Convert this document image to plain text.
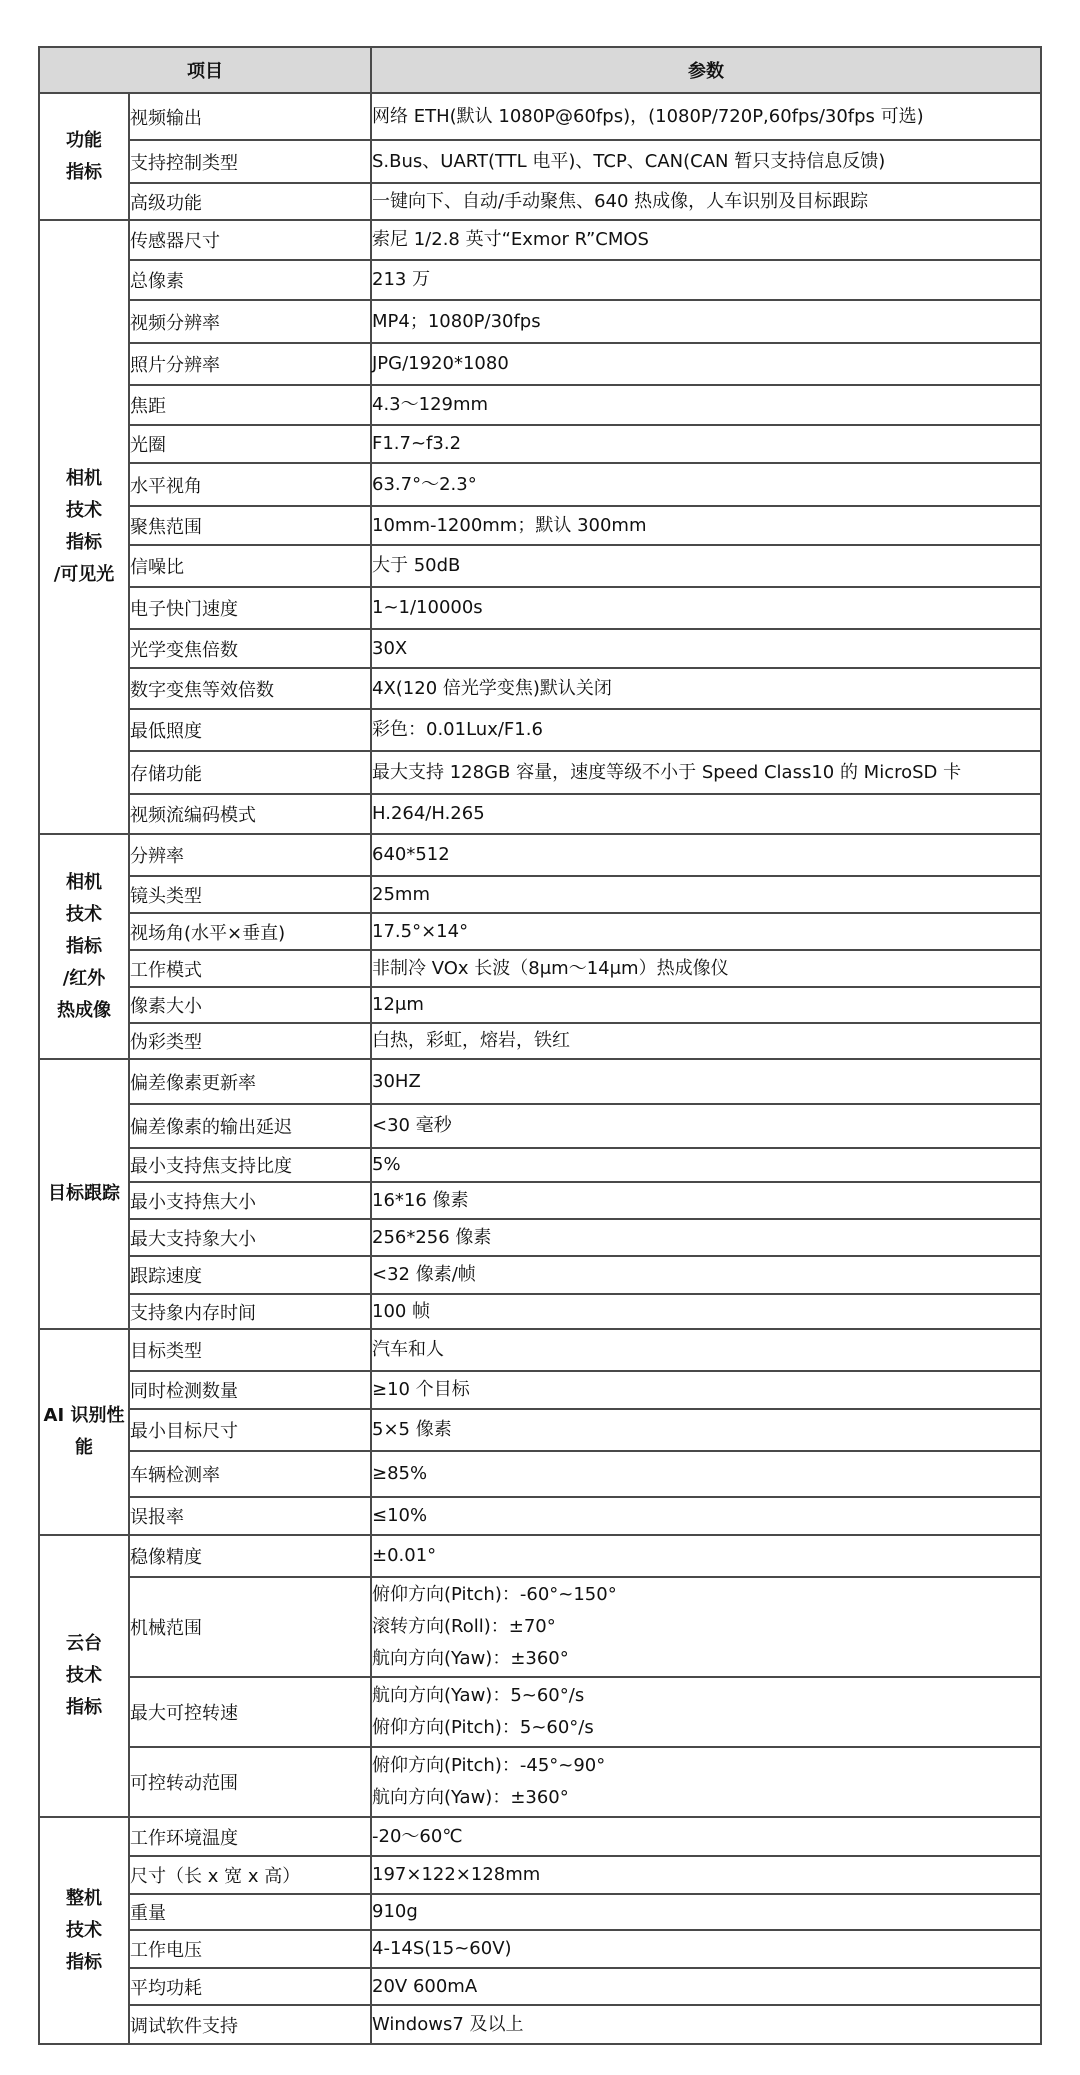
项目		参数
功能
指标	视频输出	网络 ETH(默认 1080P@60fps)，(1080P/720P,60fps/30fps 可选)
	支持控制类型	S.Bus、UART(TTL 电平)、TCP、CAN(CAN 暂只支持信息反馈)
	高级功能	一键向下、自动/手动聚焦、640 热成像，人车识别及目标跟踪
相机
技术
指标
/可见光	传感器尺寸	索尼 1/2.8 英寸“Exmor R”CMOS
	总像素	213 万
	视频分辨率	MP4；1080P/30fps
	照片分辨率	JPG/1920*1080
	焦距	4.3～129mm
	光圈	F1.7~f3.2
	水平视角	63.7°～2.3°
	聚焦范围	10mm-1200mm；默认 300mm
	信噪比	大于 50dB
	电子快门速度	1~1/10000s
	光学变焦倍数	30X
	数字变焦等效倍数	4X(120 倍光学变焦)默认关闭
	最低照度	彩色：0.01Lux/F1.6
	存储功能	最大支持 128GB 容量，速度等级不小于 Speed Class10 的 MicroSD 卡
	视频流编码模式	H.264/H.265
相机
技术
指标
/红外
热成像	分辨率	640*512
	镜头类型	25mm
	视场角(水平×垂直)	17.5°×14°
	工作模式	非制冷 VOx 长波（8μm～14μm）热成像仪
	像素大小	12μm
	伪彩类型	白热，彩虹，熔岩，铁红
目标跟踪	偏差像素更新率	30HZ
	偏差像素的输出延迟	<30 毫秒
	最小支持焦支持比度	5%
	最小支持焦大小	16*16 像素
	最大支持象大小	256*256 像素
	跟踪速度	<32 像素/帧
	支持象内存时间	100 帧
AI 识别性
能	目标类型	汽车和人
	同时检测数量	≥10 个目标
	最小目标尺寸	5×5 像素
	车辆检测率	≥85%
	误报率	≤10%
云台
技术
指标	稳像精度	±0.01°
	机械范围	俯仰方向(Pitch)：-60°~150°
滚转方向(Roll)：±70°
航向方向(Yaw)：±360°
	最大可控转速	航向方向(Yaw)：5~60°/s
俯仰方向(Pitch)：5~60°/s
	可控转动范围	俯仰方向(Pitch)：-45°~90°
航向方向(Yaw)：±360°
整机
技术
指标	工作环境温度	-20～60℃
	尺寸（长 x 宽 x 高）	197×122×128mm
	重量	910g
	工作电压	4-14S(15~60V)
	平均功耗	20V 600mA
	调试软件支持	Windows7 及以上
